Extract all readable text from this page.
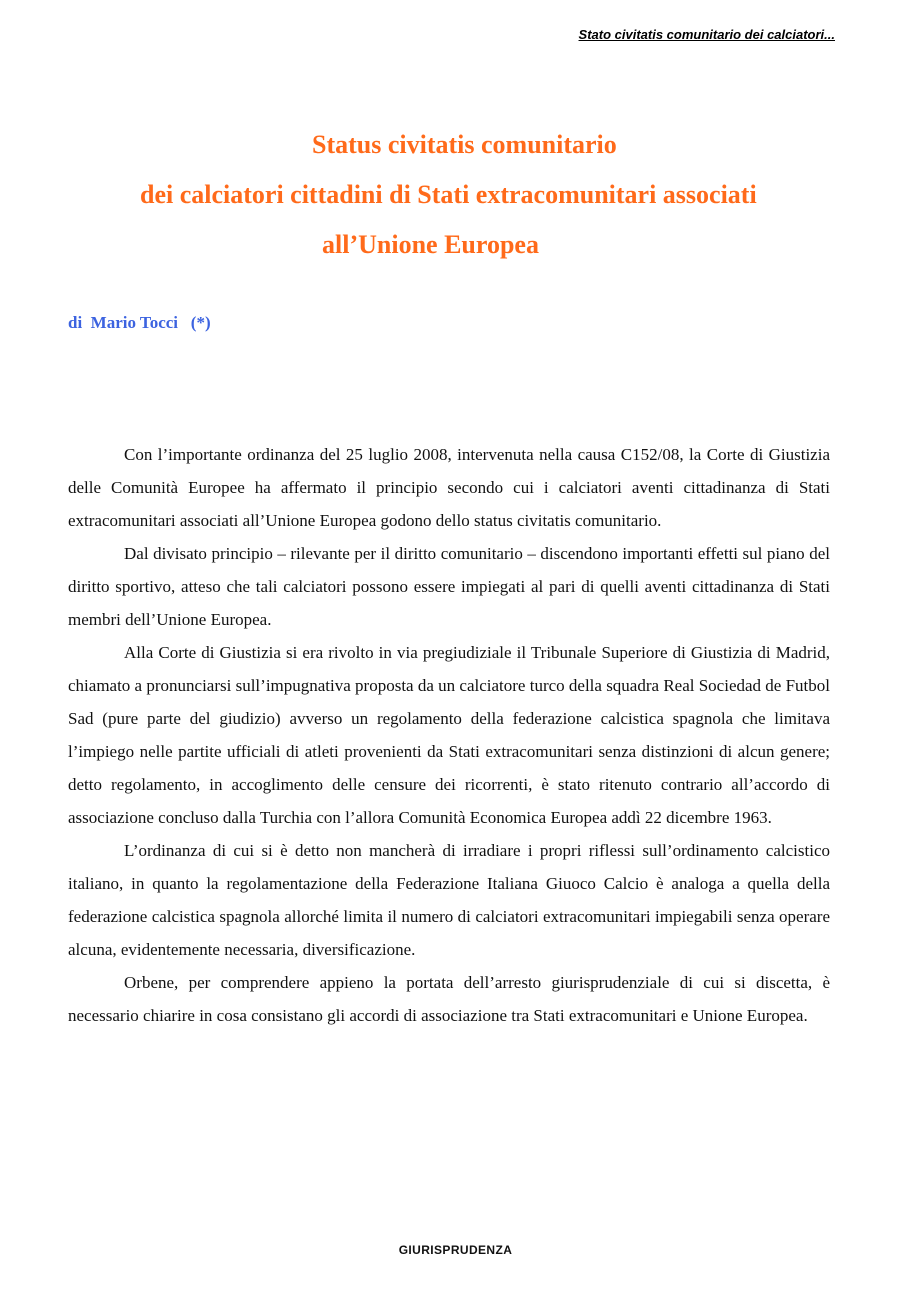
Stato civitatis comunitario dei calciatori...
Status civitatis comunitario
dei calciatori cittadini di Stati extracomunitari associati
all’Unione Europea
di  Mario Tocci   (*)

Con l’importante ordinanza del 25 luglio 2008, intervenuta nella causa C152/08, la Corte di Giustizia delle Comunità Europee ha affermato il principio secondo cui i calciatori aventi cittadinanza di Stati extracomunitari associati all’Unione Europea godono dello status civitatis comunitario.

Dal divisato principio – rilevante per il diritto comunitario – discendono importanti effetti sul piano del diritto sportivo, atteso che tali calciatori possono essere impiegati al pari di quelli aventi cittadinanza di Stati membri dell’Unione Europea.

Alla Corte di Giustizia si era rivolto in via pregiudiziale il Tribunale Superiore di Giustizia di Madrid, chiamato a pronunciarsi sull’impugnativa proposta da un calciatore turco della squadra Real Sociedad de Futbol Sad (pure parte del giudizio) avverso un regolamento della federazione calcistica spagnola che limitava l’impiego nelle partite ufficiali di atleti provenienti da Stati extracomunitari senza distinzioni di alcun genere; detto regolamento, in accoglimento delle censure dei ricorrenti, è stato ritenuto contrario all’accordo di associazione concluso dalla Turchia con l’allora Comunità Economica Europea addì 22 dicembre 1963.

L’ordinanza di cui si è detto non mancherà di irradiare i propri riflessi sull’ordinamento calcistico italiano, in quanto la regolamentazione della Federazione Italiana Giuoco Calcio è analoga a quella della federazione calcistica spagnola allorché limita il numero di calciatori extracomunitari impiegabili senza operare alcuna, evidentemente necessaria, diversificazione.

Orbene, per comprendere appieno la portata dell’arresto giurisprudenziale di cui si discetta, è necessario chiarire in cosa consistano gli accordi di associazione tra Stati extracomunitari e Unione Europea.

GIURISPRUDENZA
